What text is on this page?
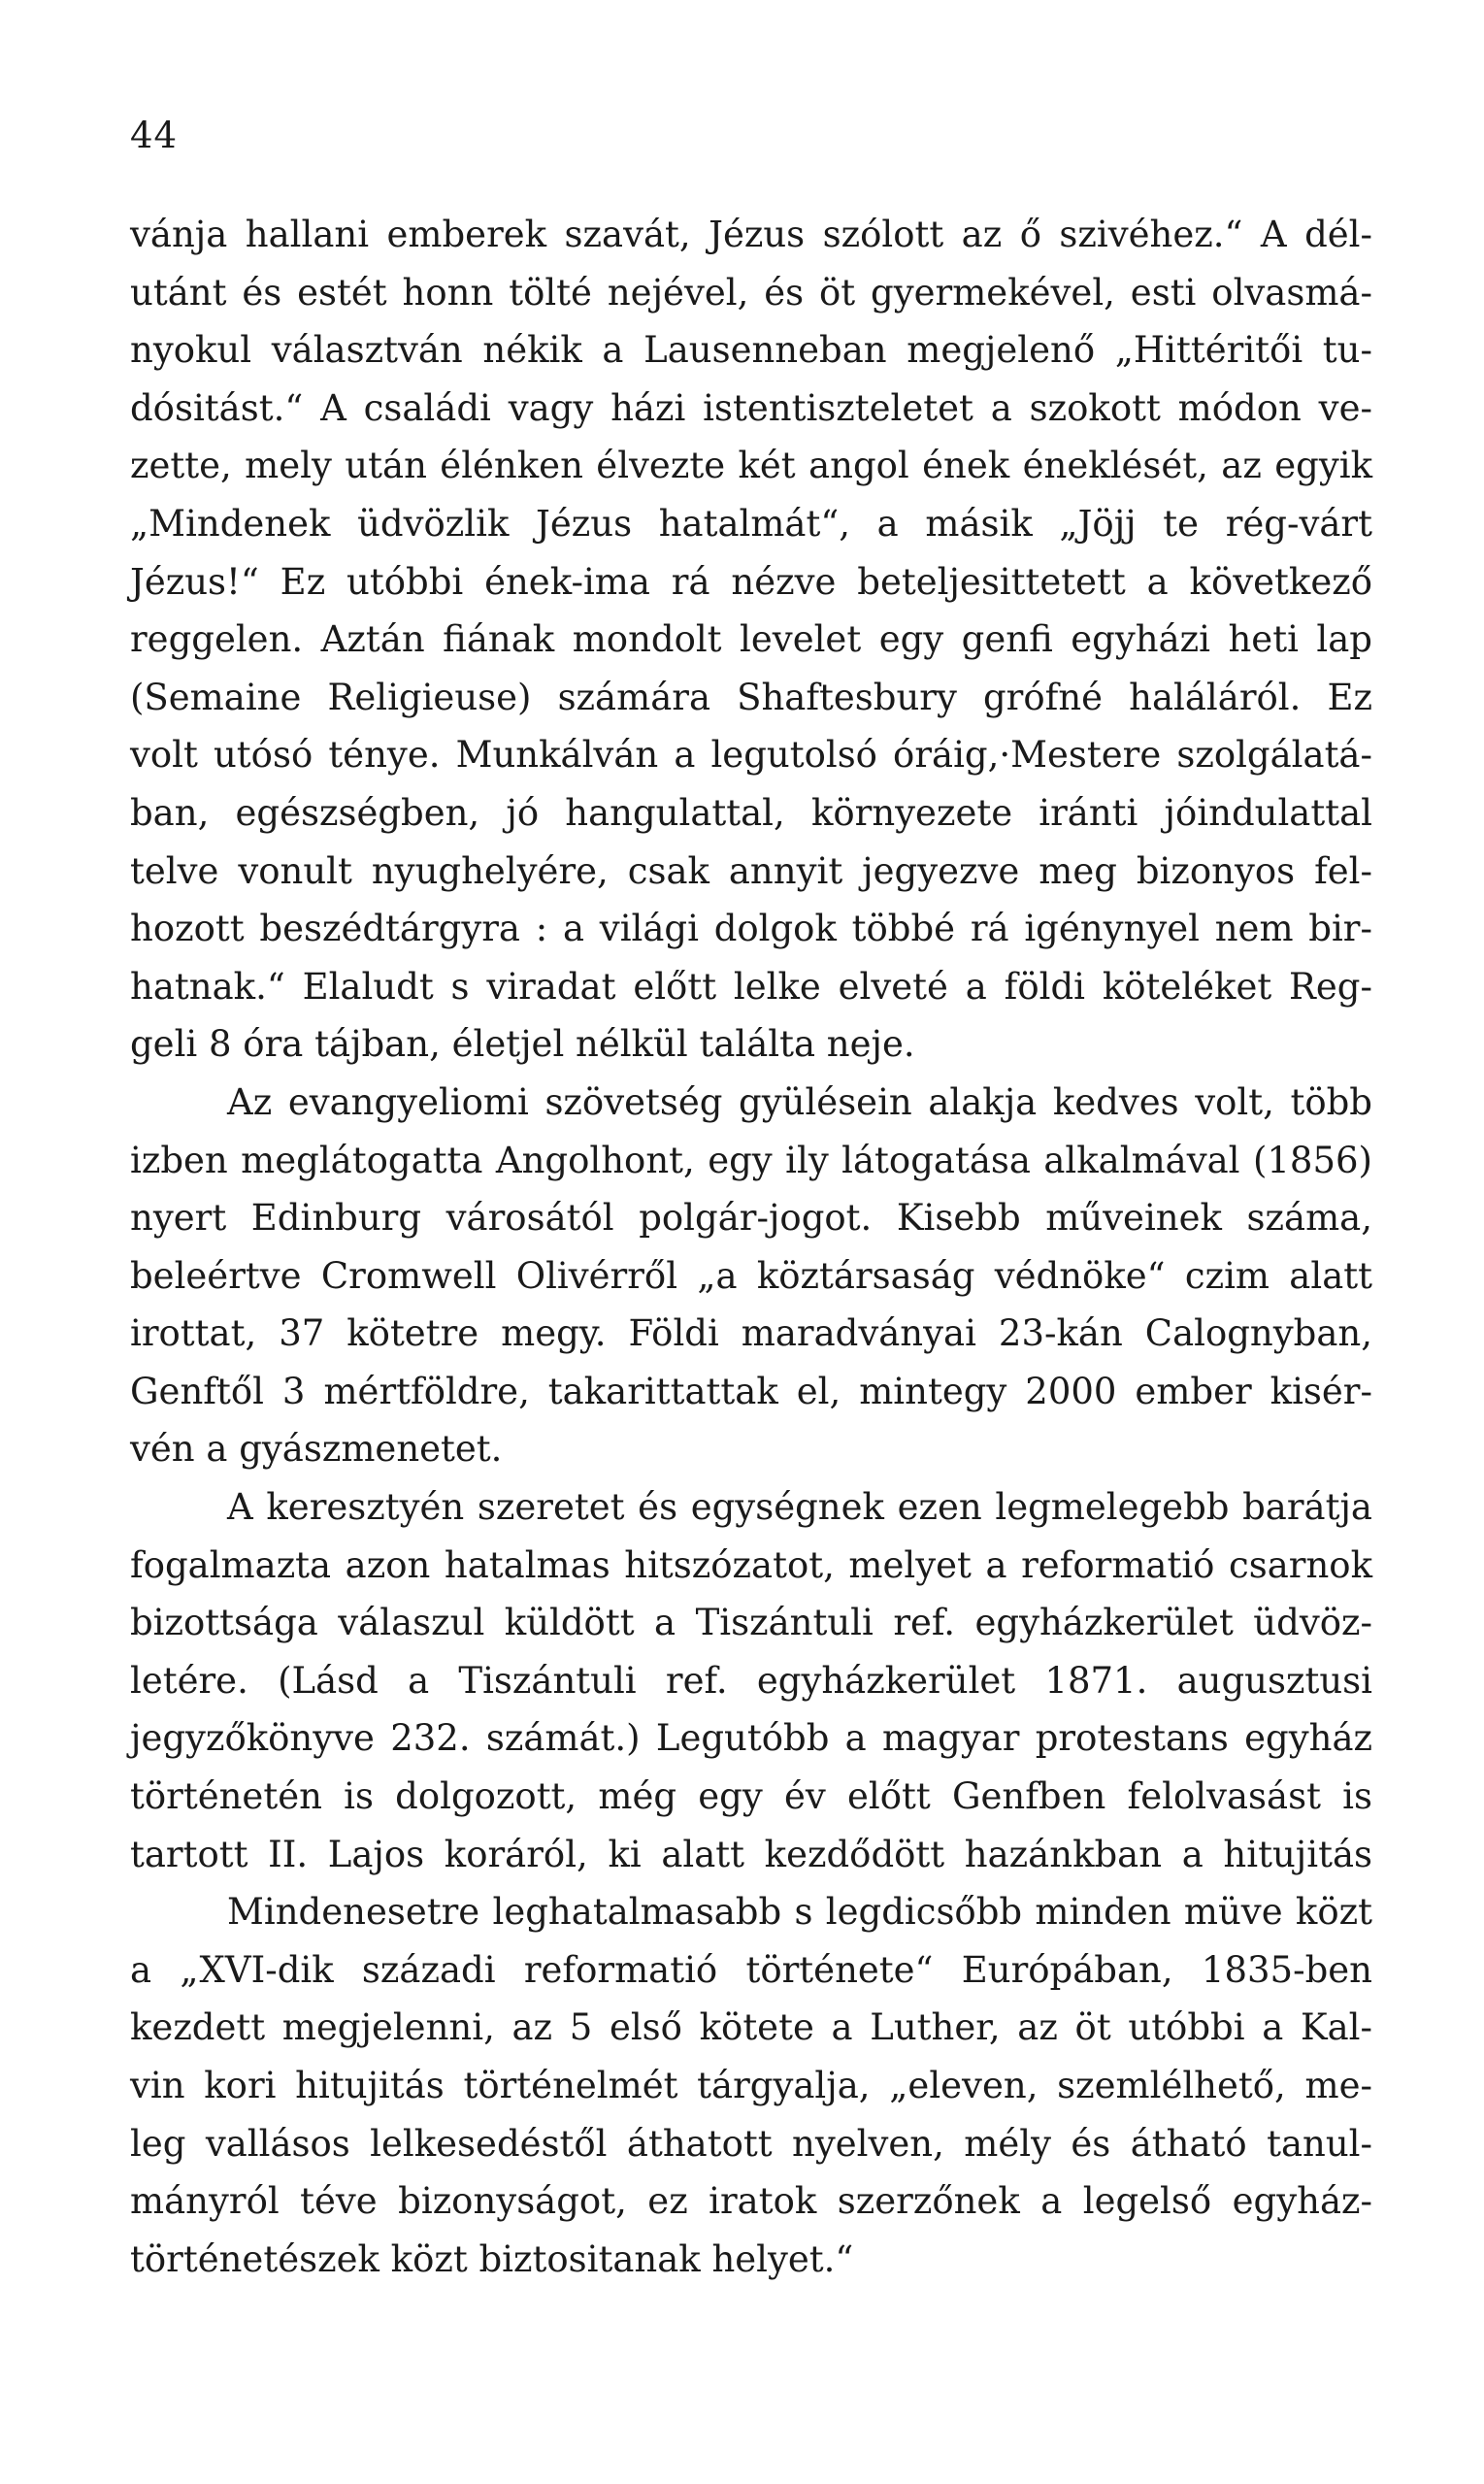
44
vánja hallani emberek szavát, Jézus szólott az ő szivéhez.“ A dél-
utánt és estét honn tölté nejével, és öt gyermekével, esti olvasmá-
nyokul választván nékik a Lausenneban megjelenő „Hittéritői tu-
dósitást.“ A családi vagy házi istentiszteletet a szokott módon ve-
zette, mely után élénken élvezte két angol ének éneklését, az egyik
„Mindenek üdvözlik Jézus hatalmát“, a másik „Jöjj te rég-várt
Jézus!“ Ez utóbbi ének-ima rá nézve beteljesittetett a következő
reggelen. Aztán fiának mondolt levelet egy genfi egyházi heti lap
(Semaine Religieuse) számára Shaftesbury grófné haláláról. Ez
volt utósó ténye. Munkálván a legutolsó óráig,·Mestere szolgálatá-
ban, egészségben, jó hangulattal, környezete iránti jóindulattal
telve vonult nyughelyére, csak annyit jegyezve meg bizonyos fel-
hozott beszédtárgyra : a világi dolgok többé rá igénynyel nem bir-
hatnak.“ Elaludt s viradat előtt lelke elveté a földi köteléket Reg-
geli 8 óra tájban, életjel nélkül találta neje.
Az evangyeliomi szövetség gyülésein alakja kedves volt, több
izben meglátogatta Angolhont, egy ily látogatása alkalmával (1856)
nyert Edinburg városától polgár-jogot. Kisebb műveinek száma,
beleértve Cromwell Olivérről „a köztársaság védnöke“ czim alatt
irottat, 37 kötetre megy. Földi maradványai 23-kán Calognyban,
Genftől 3 mértföldre, takarittattak el, mintegy 2000 ember kisér-
vén a gyászmenetet.
A keresztyén szeretet és egységnek ezen legmelegebb barátja
fogalmazta azon hatalmas hitszózatot, melyet a reformatió csarnok
bizottsága válaszul küldött a Tiszántuli ref. egyházkerület üdvöz-
letére. (Lásd a Tiszántuli ref. egyházkerület 1871. augusztusi
jegyzőkönyve 232. számát.) Legutóbb a magyar protestans egyház
történetén is dolgozott, még egy év előtt Genfben felolvasást is
tartott II. Lajos koráról, ki alatt kezdődött hazánkban a hitujitás
Mindenesetre leghatalmasabb s legdicsőbb minden müve közt
a „XVI-dik századi reformatió története“ Európában, 1835-ben
kezdett megjelenni, az 5 első kötete a Luther, az öt utóbbi a Kal-
vin kori hitujitás történelmét tárgyalja, „eleven, szemlélhető, me-
leg vallásos lelkesedéstől áthatott nyelven, mély és átható tanul-
mányról téve bizonyságot, ez iratok szerzőnek a legelső egyház-
történetészek közt biztositanak helyet.“
